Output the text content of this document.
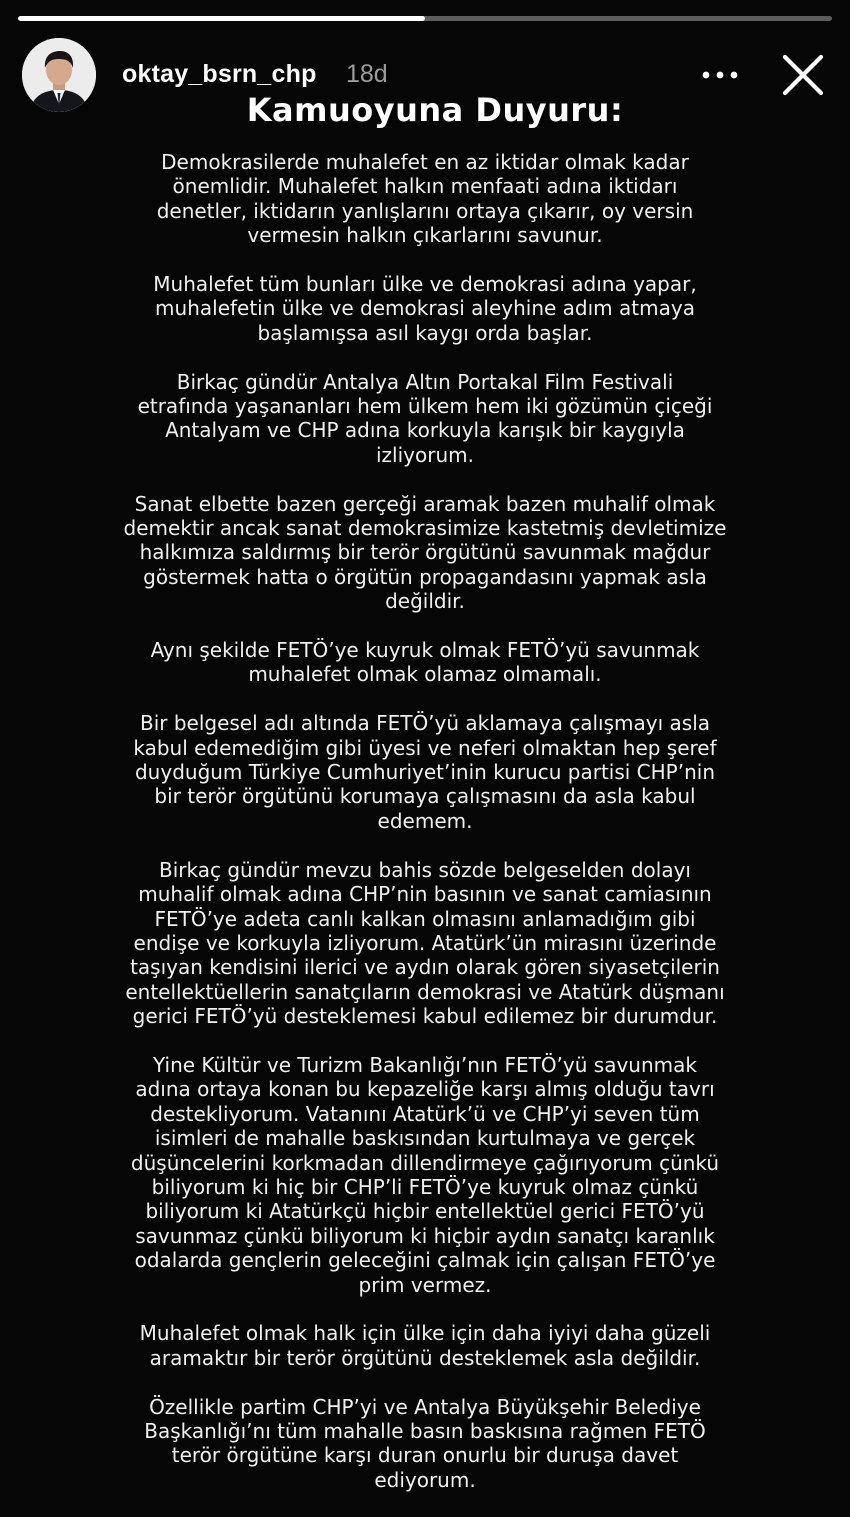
oktay_bsrn_chp 18d
Kamuoyuna Duyuru:

Demokrasilerde muhalefet en az iktidar olmak kadar
önemlidir. Muhalefet halkın menfaati adına iktidarı
denetler, iktidarın yanlışlarını ortaya çıkarır, oy versin
vermesin halkın çıkarlarını savunur.

Muhalefet tüm bunları ülke ve demokrasi adına yapar,
muhalefetin ülke ve demokrasi aleyhine adım atmaya
başlamışsa asıl kaygı orda başlar.

Birkaç gündür Antalya Altın Portakal Film Festivali
etrafında yaşananları hem ülkem hem iki gözümün çiçeği
Antalyam ve CHP adına korkuyla karışık bir kaygıyla
izliyorum.

Sanat elbette bazen gerçeği aramak bazen muhalif olmak
demektir ancak sanat demokrasimize kastetmiş devletimize
halkımıza saldırmış bir terör örgütünü savunmak mağdur
göstermek hatta o örgütün propagandasını yapmak asla
değildir.

Aynı şekilde FETÖ’ye kuyruk olmak FETÖ’yü savunmak
muhalefet olmak olamaz olmamalı.

Bir belgesel adı altında FETÖ’yü aklamaya çalışmayı asla
kabul edemediğim gibi üyesi ve neferi olmaktan hep şeref
duyduğum Türkiye Cumhuriyet’inin kurucu partisi CHP’nin
bir terör örgütünü korumaya çalışmasını da asla kabul
edemem.

Birkaç gündür mevzu bahis sözde belgeselden dolayı
muhalif olmak adına CHP’nin basının ve sanat camiasının
FETÖ’ye adeta canlı kalkan olmasını anlamadığım gibi
endişe ve korkuyla izliyorum. Atatürk’ün mirasını üzerinde
taşıyan kendisini ilerici ve aydın olarak gören siyasetçilerin
entellektüellerin sanatçıların demokrasi ve Atatürk düşmanı
gerici FETÖ’yü desteklemesi kabul edilemez bir durumdur.

Yine Kültür ve Turizm Bakanlığı’nın FETÖ’yü savunmak
adına ortaya konan bu kepazeliğe karşı almış olduğu tavrı
destekliyorum. Vatanını Atatürk’ü ve CHP’yi seven tüm
isimleri de mahalle baskısından kurtulmaya ve gerçek
düşüncelerini korkmadan dillendirmeye çağırıyorum çünkü
biliyorum ki hiç bir CHP’li FETÖ’ye kuyruk olmaz çünkü
biliyorum ki Atatürkçü hiçbir entellektüel gerici FETÖ’yü
savunmaz çünkü biliyorum ki hiçbir aydın sanatçı karanlık
odalarda gençlerin geleceğini çalmak için çalışan FETÖ’ye
prim vermez.

Muhalefet olmak halk için ülke için daha iyiyi daha güzeli
aramaktır bir terör örgütünü desteklemek asla değildir.

Özellikle partim CHP’yi ve Antalya Büyükşehir Belediye
Başkanlığı’nı tüm mahalle basın baskısına rağmen FETÖ
terör örgütüne karşı duran onurlu bir duruşa davet
ediyorum.
